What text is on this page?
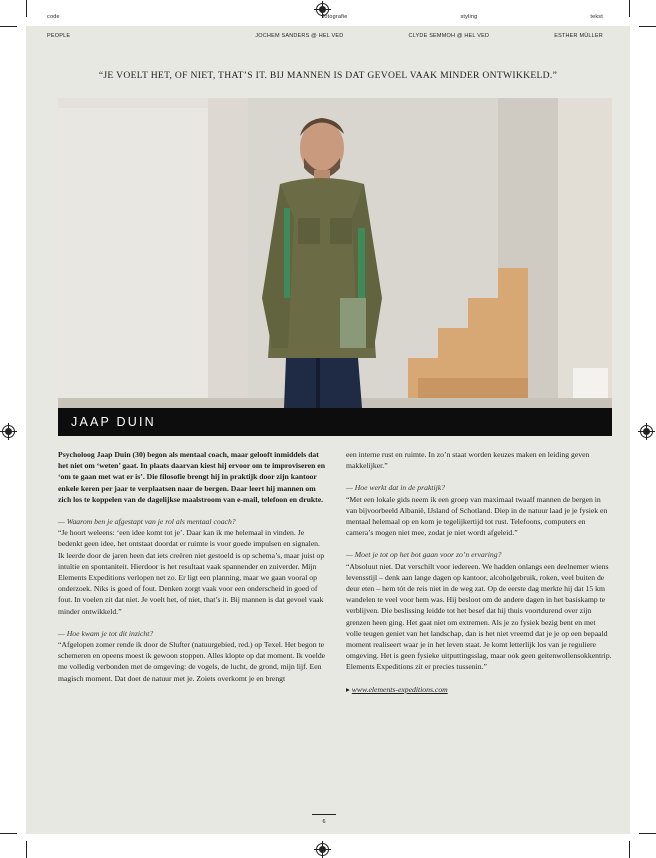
code	fotografie	styling	tekst
PEOPLE	JOCHEM SANDERS @ HEL VED	CLYDE SEMMOH @ HEL VED	ESTHER MÜLLER
“JE VOELT HET, OF NIET, THAT’S IT. BIJ MANNEN IS DAT GEVOEL VAAK MINDER ONTWIKKELD.”
JAAP DUIN

Psycholoog Jaap Duin (30) begon als mentaal coach, maar gelooft inmiddels dat het niet om ‘weten’ gaat. In plaats daarvan kiest hij ervoor om te improviseren en ‘om te gaan met wat er is’. Die filosofie brengt hij in praktijk door zijn kantoor enkele keren per jaar te verplaatsen naar de bergen. Daar leert hij mannen om zich los te koppelen van de dagelijkse maalstroom van e-mail, telefoon en drukte.

— Waarom ben je afgestapt van je rol als mentaal coach?

“Je hoort weleens: ‘een idee komt tot je’. Daar kan ik me helemaal in vinden. Je bedenkt geen idee, het ontstaat doordat er ruimte is voor goede impulsen en signalen. Ik leerde door de jaren heen dat iets creëren niet gestoeld is op schema’s, maar juist op intuïtie en spontaniteit. Hierdoor is het resultaat vaak spannender en zuiverder. Mijn Elements Expeditions verlopen net zo. Er ligt een planning, maar we gaan vooral op onderzoek. Niks is goed of fout. Denken zorgt vaak voor een onderscheid in goed of fout. In voelen zit dat niet. Je voelt het, of niet, that’s it. Bij mannen is dat gevoel vaak minder ontwikkeld.”

— Hoe kwam je tot dit inzicht?

“Afgelopen zomer rende ik door de Slufter (natuurgebied, red.) op Texel. Het begon te schemeren en opeens moest ik gewoon stoppen. Alles klopte op dat moment. Ik voelde me volledig verbonden met de omgeving: de vogels, de lucht, de grond, mijn lijf. Een magisch moment. Dat doet de natuur met je. Zoiets overkomt je en brengt

een interne rust en ruimte. In zo’n staat worden keuzes maken en leiding geven makkelijker.”

— Hoe werkt dat in de praktijk?

“Met een lokale gids neem ik een groep van maximaal twaalf mannen de bergen in van bijvoorbeeld Albanië, IJsland of Schotland. Diep in de natuur laad je je fysiek en mentaal helemaal op en kom je tegelijkertijd tot rust. Telefoons, computers en camera’s mogen niet mee, zodat je niet wordt afgeleid.”

— Moet je tot op het bot gaan voor zo’n ervaring?

“Absoluut niet. Dat verschilt voor iedereen. We hadden onlangs een deelnemer wiens levensstijl – denk aan lange dagen op kantoor, alcoholgebruik, roken, veel buiten de deur eten – hem tót de reis niet in de weg zat. Op de eerste dag merkte hij dat 15 km wandelen te veel voor hem was. Hij besloot om de andere dagen in het basiskamp te verblijven. Die beslissing leidde tot het besef dat hij thuis voortdurend over zijn grenzen heen ging. Het gaat niet om extremen. Als je zo fysiek bezig bent en met volle teugen geniet van het landschap, dan is het niet vreemd dat je je op een bepaald moment realiseert waar je in het leven staat. Je komt letterlijk los van je reguliere omgeving. Het is geen fysieke uitputtingsslag, maar ook geen geitenwollensokkentrip. Elements Expeditions zit er precies tussenin.”

▸ www.elements-expeditions.com

6
